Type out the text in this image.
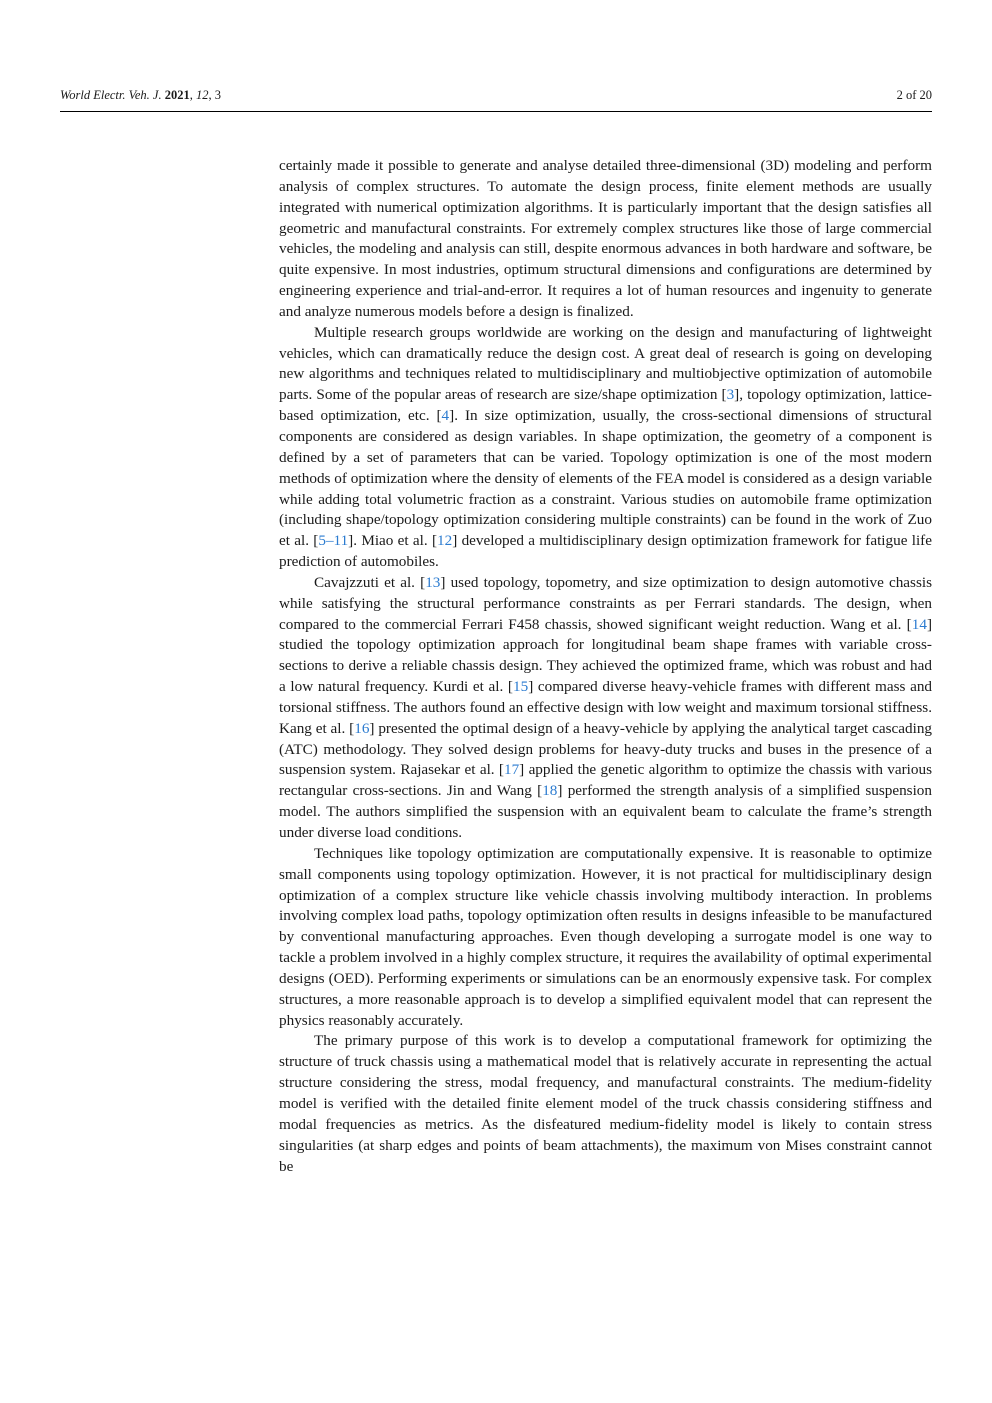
World Electr. Veh. J. 2021, 12, 3	2 of 20

certainly made it possible to generate and analyse detailed three-dimensional (3D) modeling and perform analysis of complex structures. To automate the design process, finite element methods are usually integrated with numerical optimization algorithms. It is particularly important that the design satisfies all geometric and manufactural constraints. For extremely complex structures like those of large commercial vehicles, the modeling and analysis can still, despite enormous advances in both hardware and software, be quite expensive. In most industries, optimum structural dimensions and configurations are determined by engineering experience and trial-and-error. It requires a lot of human resources and ingenuity to generate and analyze numerous models before a design is finalized.

Multiple research groups worldwide are working on the design and manufacturing of lightweight vehicles, which can dramatically reduce the design cost. A great deal of research is going on developing new algorithms and techniques related to multidisciplinary and multiobjective optimization of automobile parts. Some of the popular areas of research are size/shape optimization [3], topology optimization, lattice-based optimization, etc. [4]. In size optimization, usually, the cross-sectional dimensions of structural components are considered as design variables. In shape optimization, the geometry of a component is defined by a set of parameters that can be varied. Topology optimization is one of the most modern methods of optimization where the density of elements of the FEA model is considered as a design variable while adding total volumetric fraction as a constraint. Various studies on automobile frame optimization (including shape/topology optimization considering multiple constraints) can be found in the work of Zuo et al. [5–11]. Miao et al. [12] developed a multidisciplinary design optimization framework for fatigue life prediction of automobiles.

Cavajzzuti et al. [13] used topology, topometry, and size optimization to design automotive chassis while satisfying the structural performance constraints as per Ferrari standards. The design, when compared to the commercial Ferrari F458 chassis, showed significant weight reduction. Wang et al. [14] studied the topology optimization approach for longitudinal beam shape frames with variable cross-sections to derive a reliable chassis design. They achieved the optimized frame, which was robust and had a low natural frequency. Kurdi et al. [15] compared diverse heavy-vehicle frames with different mass and torsional stiffness. The authors found an effective design with low weight and maximum torsional stiffness. Kang et al. [16] presented the optimal design of a heavy-vehicle by applying the analytical target cascading (ATC) methodology. They solved design problems for heavy-duty trucks and buses in the presence of a suspension system. Rajasekar et al. [17] applied the genetic algorithm to optimize the chassis with various rectangular cross-sections. Jin and Wang [18] performed the strength analysis of a simplified suspension model. The authors simplified the suspension with an equivalent beam to calculate the frame’s strength under diverse load conditions.

Techniques like topology optimization are computationally expensive. It is reasonable to optimize small components using topology optimization. However, it is not practical for multidisciplinary design optimization of a complex structure like vehicle chassis involving multibody interaction. In problems involving complex load paths, topology optimization often results in designs infeasible to be manufactured by conventional manufacturing approaches. Even though developing a surrogate model is one way to tackle a problem involved in a highly complex structure, it requires the availability of optimal experimental designs (OED). Performing experiments or simulations can be an enormously expensive task. For complex structures, a more reasonable approach is to develop a simplified equivalent model that can represent the physics reasonably accurately.

The primary purpose of this work is to develop a computational framework for optimizing the structure of truck chassis using a mathematical model that is relatively accurate in representing the actual structure considering the stress, modal frequency, and manufactural constraints. The medium-fidelity model is verified with the detailed finite element model of the truck chassis considering stiffness and modal frequencies as metrics. As the disfeatured medium-fidelity model is likely to contain stress singularities (at sharp edges and points of beam attachments), the maximum von Mises constraint cannot be
